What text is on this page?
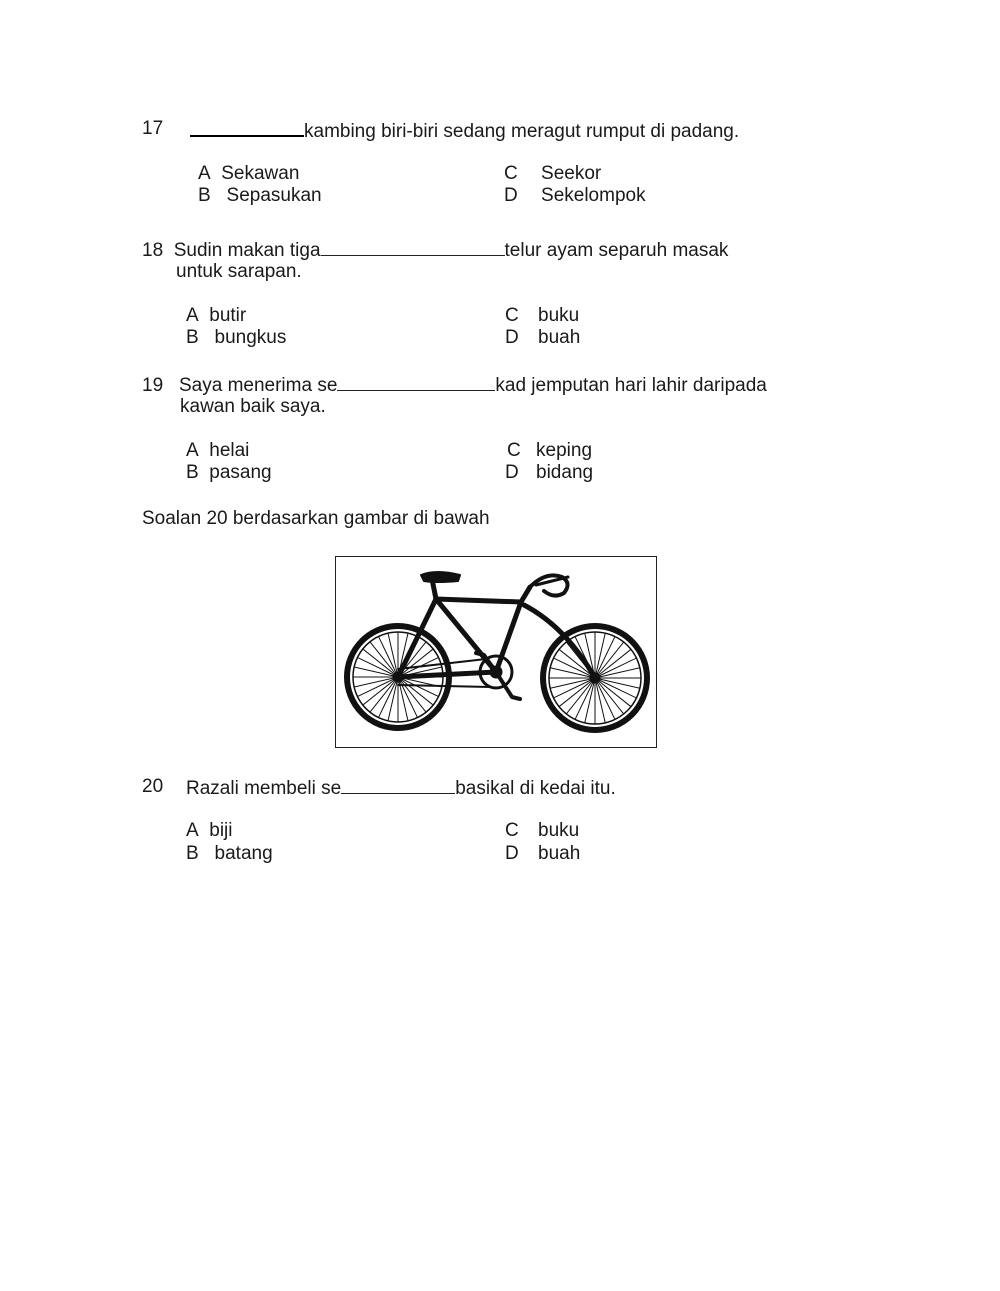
17	kambing biri-biri sedang meragut rumput di padang.
A Sekawan
B Sepasukan
C Seekor
D Sekelompok
18 Sudin makan tiga	telur ayam separuh masak
untuk sarapan.
A butir
B bungkus
C buku
D buah
19 Saya menerima se	kad jemputan hari lahir daripada
kawan baik saya.
A helai
B pasang
C keping
D bidang
Soalan 20 berdasarkan gambar di bawah
20 Razali membeli se	basikal di kedai itu.
A biji
B batang
C buku
D buah
